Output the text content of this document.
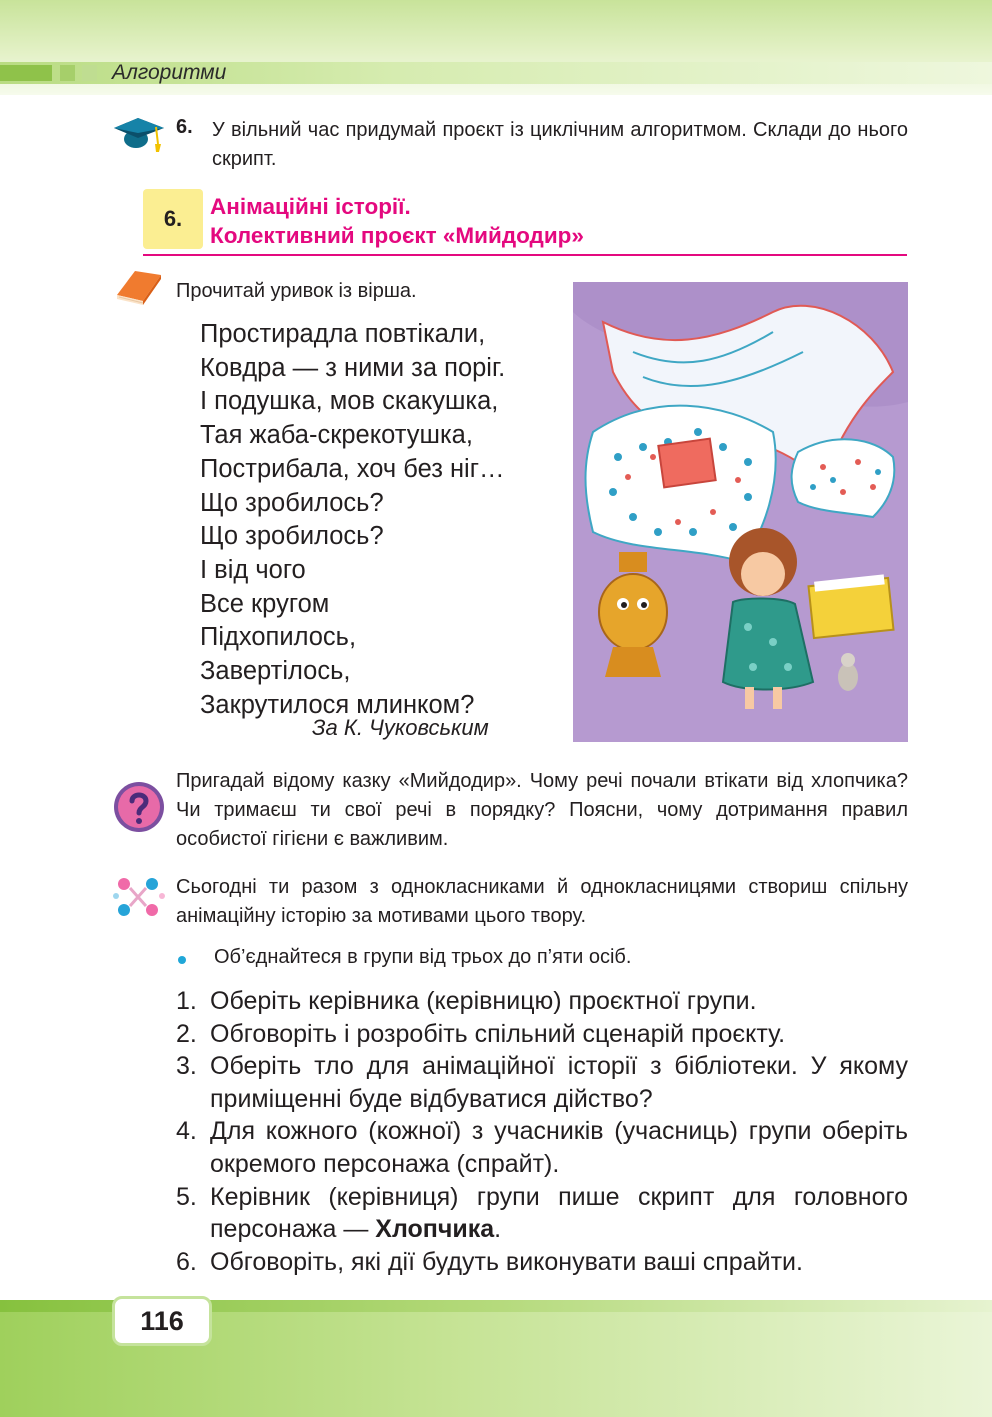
Алгоритми
6. У вільний час придумай проєкт із циклічним алгоритмом. Склади до нього скрипт.
6.	Анімаційні історії.
Колективний проєкт «Мийдодир»
Прочитай уривок із вірша.
Простирадла повтікали,
Ковдра — з ними за поріг.
І подушка, мов скакушка,
Тая жаба-скрекотушка,
Пострибала, хоч без ніг…
Що зробилось?
Що зробилось?
І від чого
Все кругом
Підхопилось,
Завертілось,
Закрутилося млинком?
За К. Чуковським
Пригадай відому казку «Мийдодир». Чому речі почали втікати від хлопчика? Чи тримаєш ти свої речі в порядку? Поясни, чому дотримання правил особистої гігієни є важливим.
Сьогодні ти разом з однокласниками й однокласницями створиш спільну анімаційну історію за мотивами цього твору.
Об’єднайтеся в групи від трьох до п’яти осіб.
1. Оберіть керівника (керівницю) проєктної групи.
2. Обговоріть і розробіть спільний сценарій проєкту.
3. Оберіть тло для анімаційної історії з бібліотеки. У якому приміщенні буде відбуватися дійство?
4. Для кожного (кожної) з учасників (учасниць) групи оберіть окремого персонажа (спрайт).
5. Керівник (керівниця) групи пише скрипт для головного персонажа — Хлопчика.
6. Обговоріть, які дії будуть виконувати ваші спрайти.
116
